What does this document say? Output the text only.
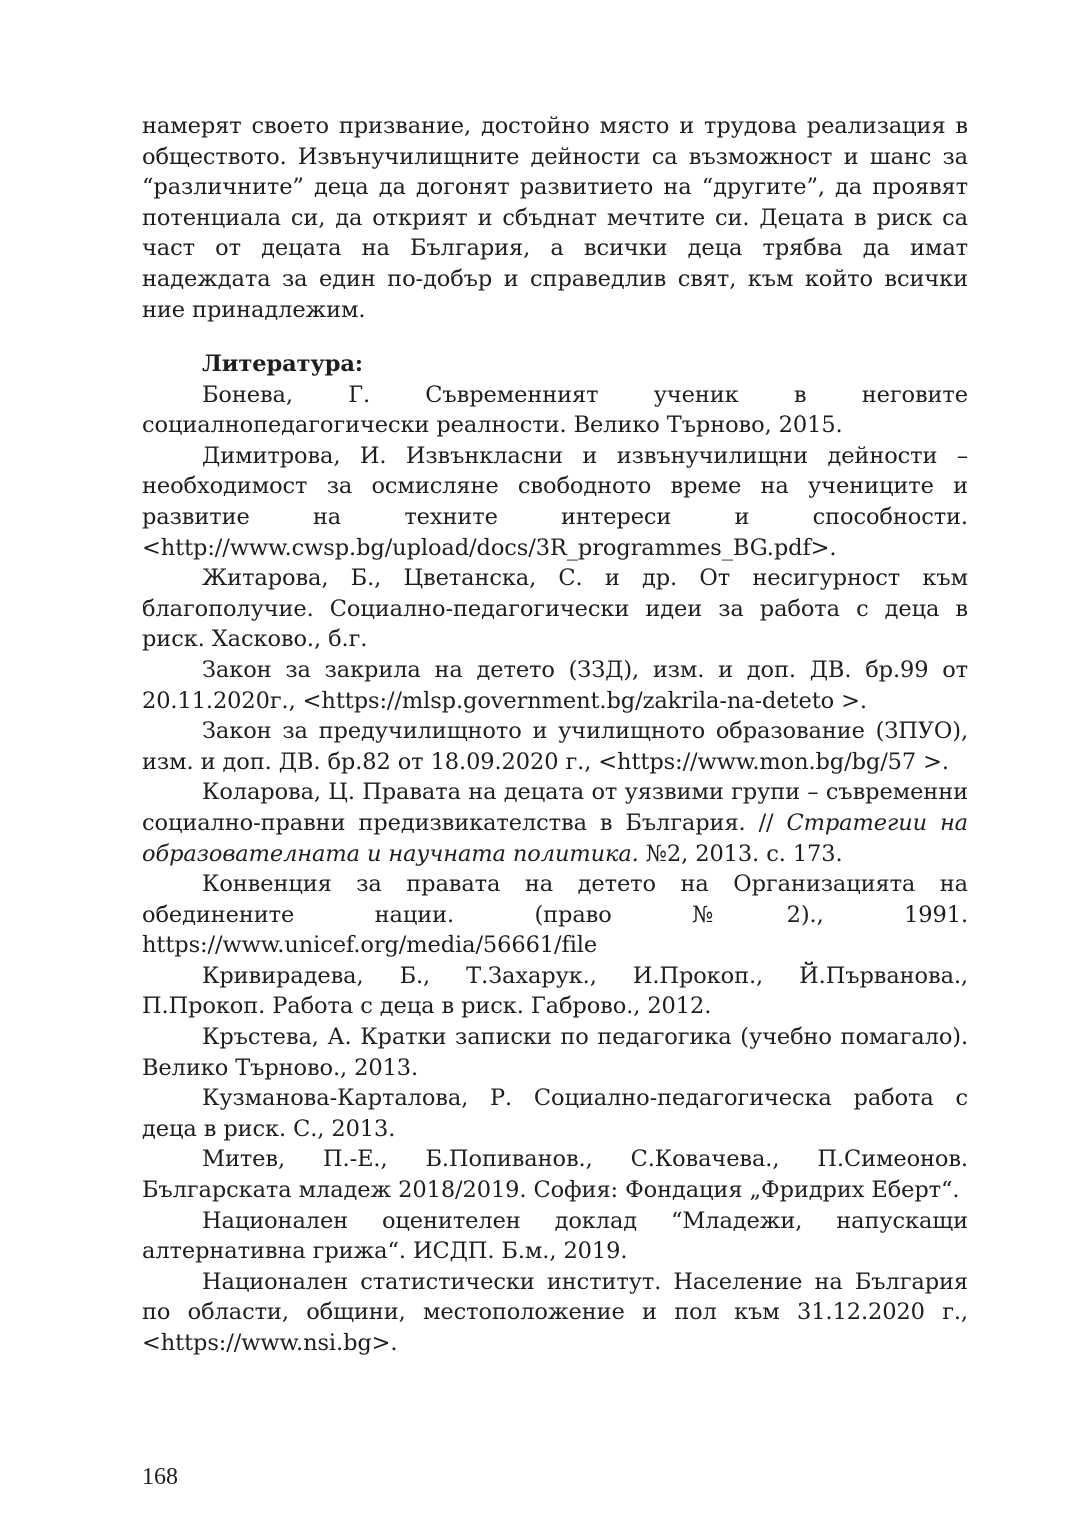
намерят своето призвание, достойно място и трудова реализация в обществото. Извънучилищните дейности са възможност и шанс за “различните” деца да догонят развитието на “другите”, да проявят потенциала си, да открият и сбъднат мечтите си. Децата в риск са част от децата на България, а всички деца трябва да имат надеждата за един по-добър и справедлив свят, към който всички ние принадлежим.

Литература:

Бонева, Г. Съвременният ученик в неговите социалнопедагогически реалности. Велико Търново, 2015.

Димитрова, И. Извънкласни и извънучилищни дейности – необходимост за осмисляне свободното време на учениците и развитие на техните интереси и способности. <http://www.cwsp.bg/upload/docs/3R_programmes_BG.pdf>.

Житарова, Б., Цветанска, С. и др. От несигурност към благополучие. Социално-педагогически идеи за работа с деца в риск. Хасково., б.г.

Закон за закрила на детето (ЗЗД), изм. и доп. ДВ. бр.99 от 20.11.2020г., <https://mlsp.government.bg/zakrila-na-deteto >.

Закон за предучилищното и училищното образование (ЗПУО), изм. и доп. ДВ. бр.82 от 18.09.2020 г., <https://www.mon.bg/bg/57 >.

Коларова, Ц. Правата на децата от уязвими групи – съвременни социално-правни предизвикателства в България. // Стратегии на образователната и научната политика. №2, 2013. с. 173.

Конвенция за правата на детето на Организацията на обединените нации. (право №2)., 1991. https://www.unicef.org/media/56661/file

Кривирадева, Б., Т.Захарук., И.Прокоп., Й.Първанова., П.Прокоп. Работа с деца в риск. Габрово., 2012.

Кръстева, А. Кратки записки по педагогика (учебно помагало). Велико Търново., 2013.

Кузманова-Карталова, Р. Социално-педагогическа работа с деца в риск. С., 2013.

Митев, П.-Е., Б.Попиванов., С.Ковачева., П.Симеонов. Българската младеж 2018/2019. София: Фондация „Фридрих Еберт“.

Национален оценителен доклад “Младежи, напускащи алтернативна грижа“. ИСДП. Б.м., 2019.

Национален статистически институт. Население на България по области, общини, местоположение и пол към 31.12.2020 г.,<https://www.nsi.bg>.

168
